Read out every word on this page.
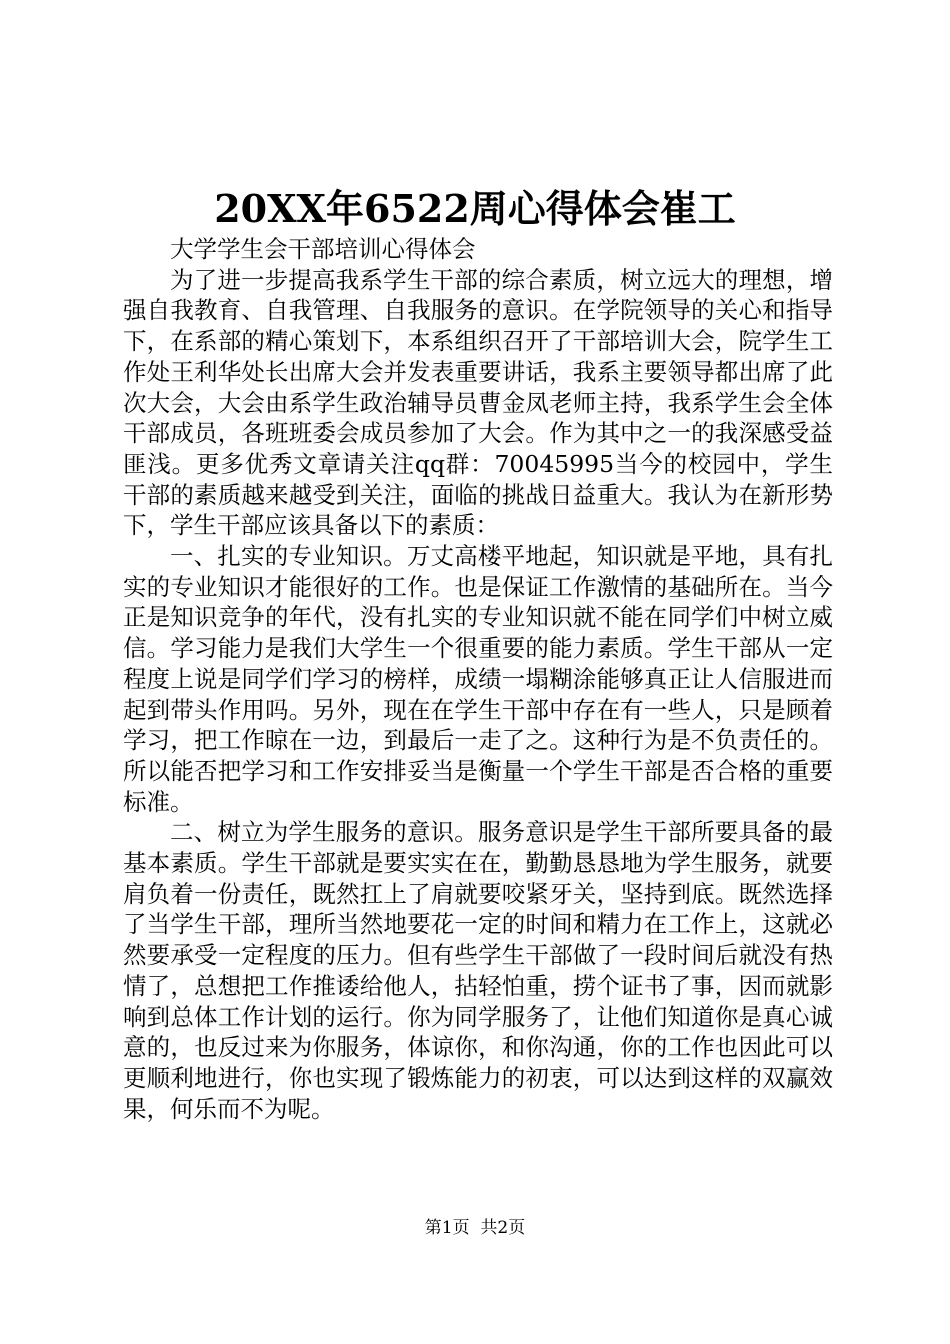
20XX年6522周心得体会崔工

大学学生会干部培训心得体会

为了进一步提高我系学生干部的综合素质，树立远大的理想，增强自我教育、自我管理、自我服务的意识。在学院领导的关心和指导下，在系部的精心策划下，本系组织召开了干部培训大会，院学生工作处王利华处长出席大会并发表重要讲话，我系主要领导都出席了此次大会，大会由系学生政治辅导员曹金凤老师主持，我系学生会全体干部成员，各班班委会成员参加了大会。作为其中之一的我深感受益匪浅。更多优秀文章请关注qq群：70045995当今的校园中，学生干部的素质越来越受到关注，面临的挑战日益重大。我认为在新形势下，学生干部应该具备以下的素质：

一、扎实的专业知识。万丈高楼平地起，知识就是平地，具有扎实的专业知识才能很好的工作。也是保证工作激情的基础所在。当今正是知识竞争的年代，没有扎实的专业知识就不能在同学们中树立威信。学习能力是我们大学生一个很重要的能力素质。学生干部从一定程度上说是同学们学习的榜样，成绩一塌糊涂能够真正让人信服进而起到带头作用吗。另外，现在在学生干部中存在有一些人，只是顾着学习，把工作晾在一边，到最后一走了之。这种行为是不负责任的。所以能否把学习和工作安排妥当是衡量一个学生干部是否合格的重要标准。

二、树立为学生服务的意识。服务意识是学生干部所要具备的最基本素质。学生干部就是要实实在在，勤勤恳恳地为学生服务，就要肩负着一份责任，既然扛上了肩就要咬紧牙关，坚持到底。既然选择了当学生干部，理所当然地要花一定的时间和精力在工作上，这就必然要承受一定程度的压力。但有些学生干部做了一段时间后就没有热情了，总想把工作推诿给他人，拈轻怕重，捞个证书了事，因而就影响到总体工作计划的运行。你为同学服务了，让他们知道你是真心诚意的，也反过来为你服务，体谅你，和你沟通，你的工作也因此可以更顺利地进行，你也实现了锻炼能力的初衷，可以达到这样的双赢效果，何乐而不为呢。

第1页 共2页
